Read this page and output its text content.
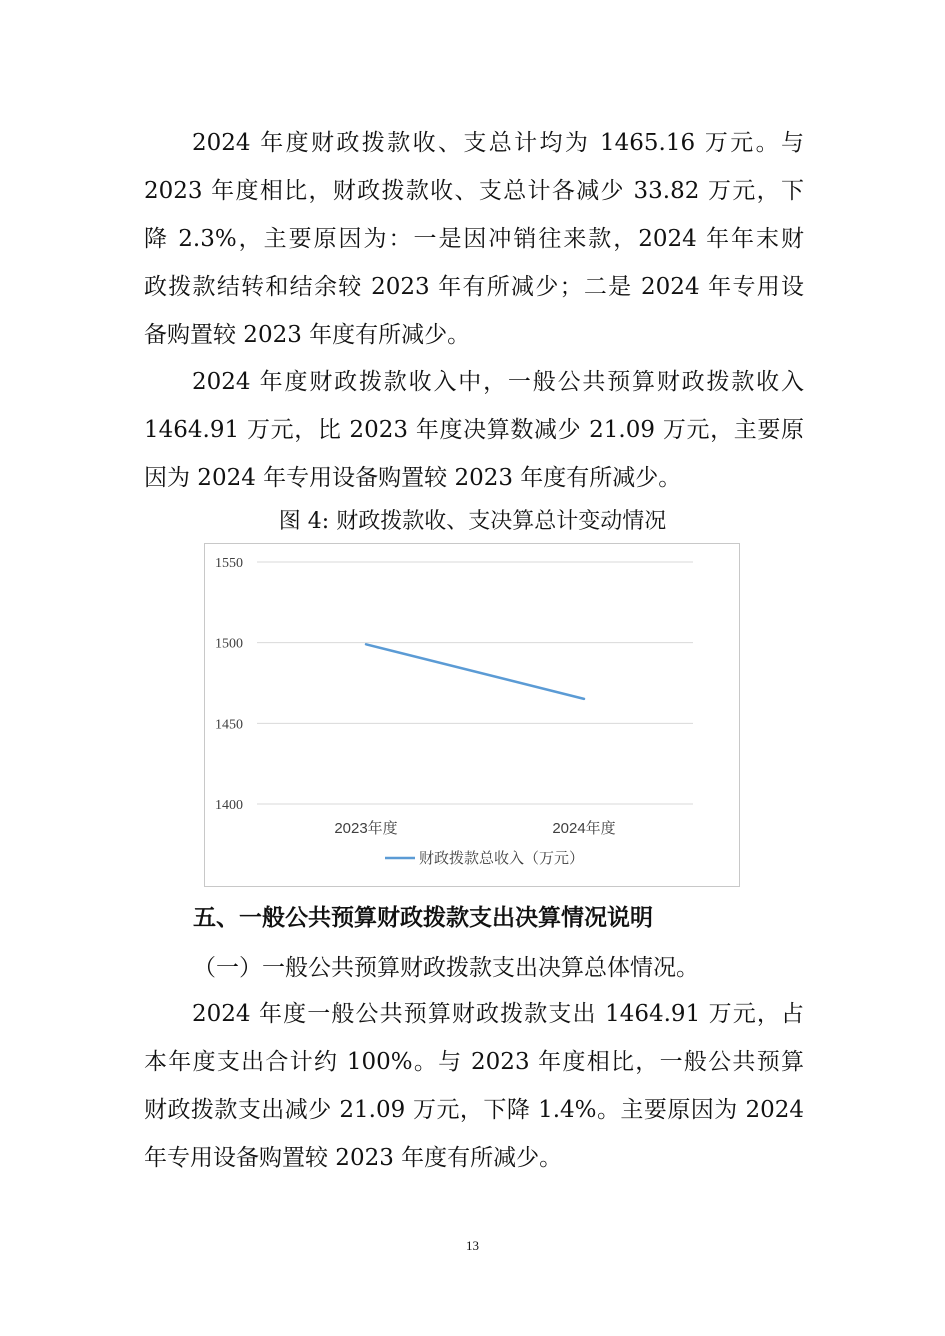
2024 年度财政拨款收、支总计均为 1465.16 万元。与
2023 年度相比，财政拨款收、支总计各减少 33.82 万元，下
降 2.3%，主要原因为：一是因冲销往来款，2024 年年末财
政拨款结转和结余较 2023 年有所减少；二是 2024 年专用设
备购置较 2023 年度有所减少。
2024 年度财政拨款收入中，一般公共预算财政拨款收入
1464.91 万元，比 2023 年度决算数减少 21.09 万元，主要原
因为 2024 年专用设备购置较 2023 年度有所减少。
图 4: 财政拨款收、支决算总计变动情况
1400
1450
1500
1550
2023年度	2024年度
财政拨款总收入（万元）
五、一般公共预算财政拨款支出决算情况说明
（一）一般公共预算财政拨款支出决算总体情况。
2024 年度一般公共预算财政拨款支出 1464.91 万元，占
本年度支出合计约 100%。与 2023 年度相比，一般公共预算
财政拨款支出减少 21.09 万元，下降 1.4%。主要原因为 2024
年专用设备购置较 2023 年度有所减少。
13
